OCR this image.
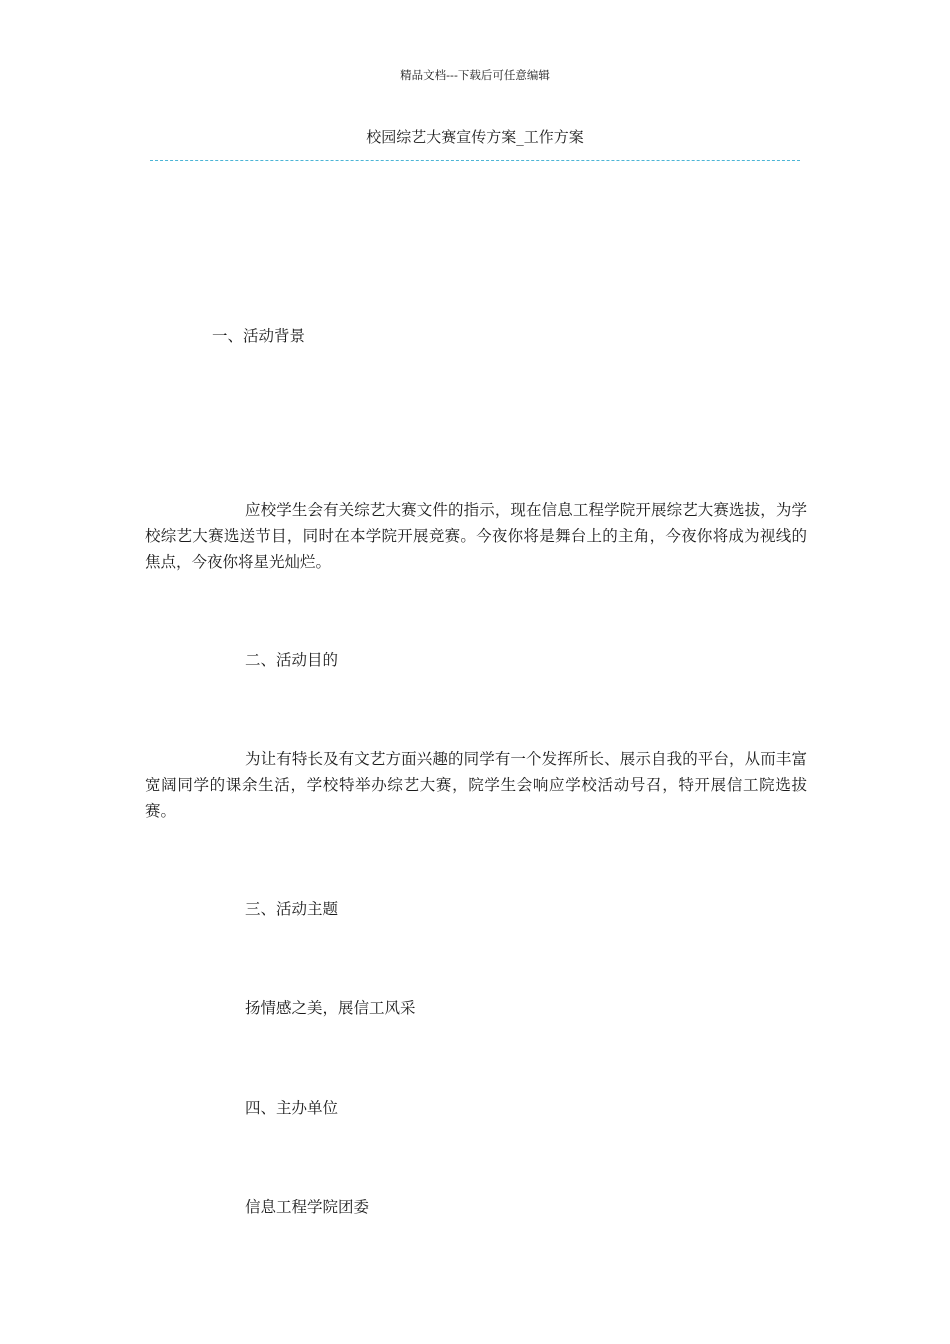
精品文档---下载后可任意编辑
校园综艺大赛宣传方案_工作方案
一、活动背景
应校学生会有关综艺大赛文件的指示，现在信息工程学院开展综艺大赛选拔，为学校综艺大赛选送节目，同时在本学院开展竞赛。今夜你将是舞台上的主角，今夜你将成为视线的焦点，今夜你将星光灿烂。
二、活动目的
为让有特长及有文艺方面兴趣的同学有一个发挥所长、展示自我的平台，从而丰富宽阔同学的课余生活，学校特举办综艺大赛，院学生会响应学校活动号召，特开展信工院选拔赛。
三、活动主题
扬情感之美，展信工风采
四、主办单位
信息工程学院团委
